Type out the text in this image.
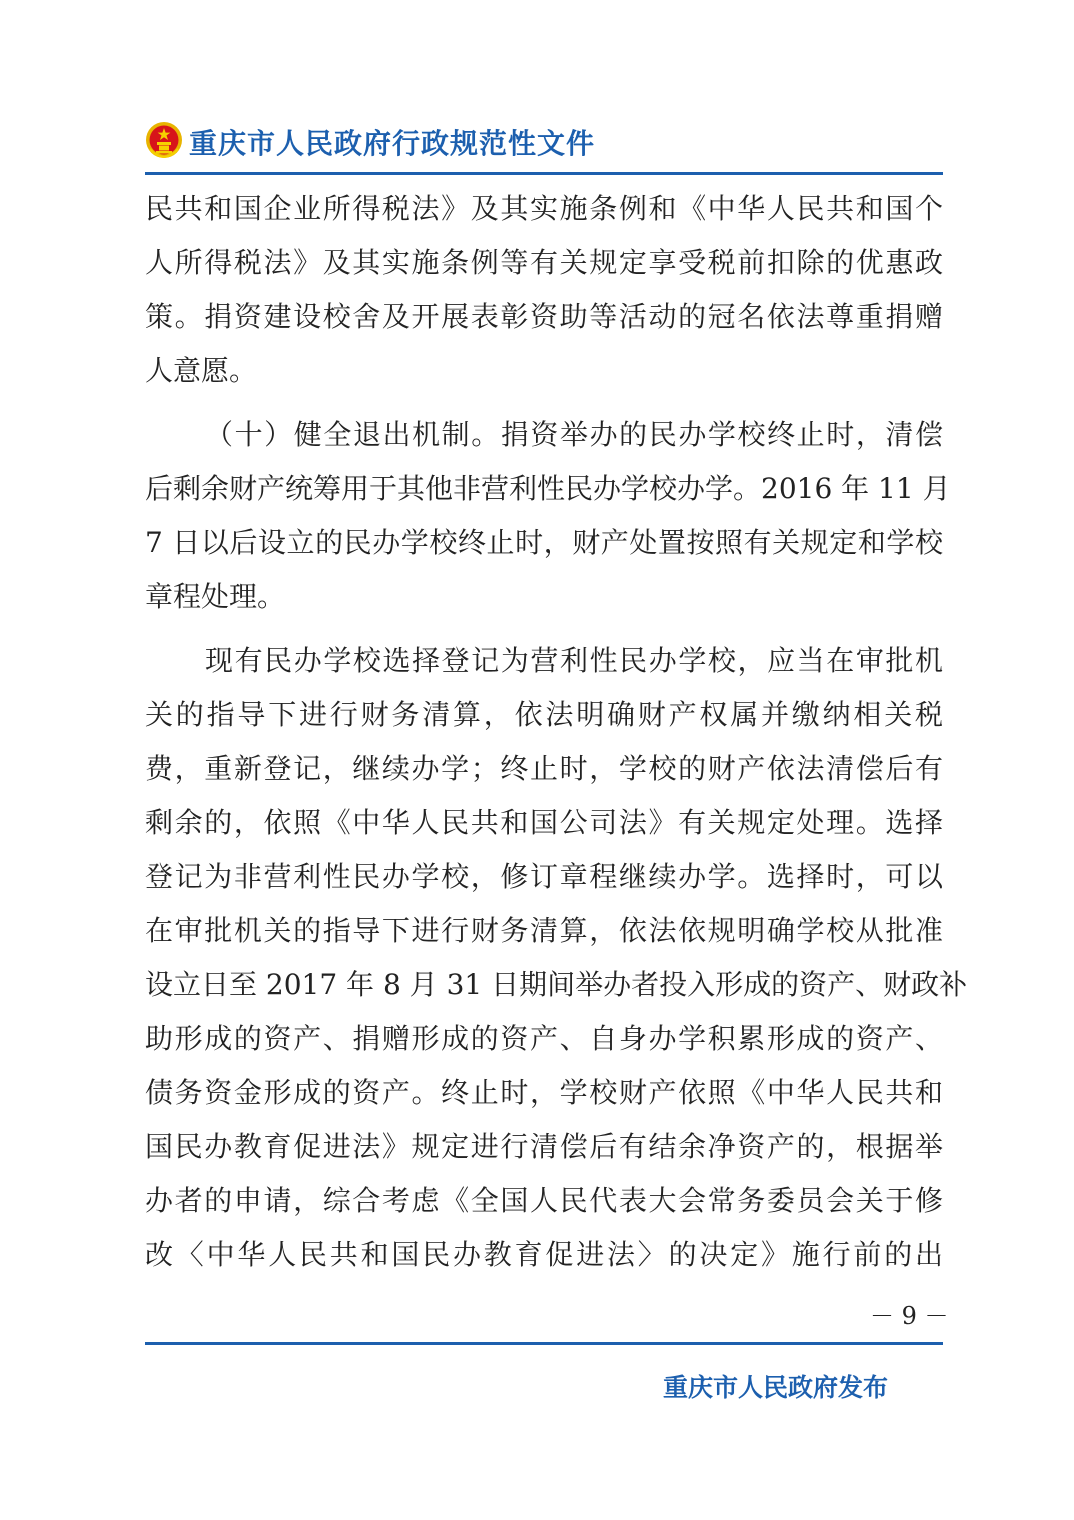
重庆市人民政府行政规范性文件
民共和国企业所得税法》及其实施条例和《中华人民共和国个
人所得税法》及其实施条例等有关规定享受税前扣除的优惠政
策。捐资建设校舍及开展表彰资助等活动的冠名依法尊重捐赠
人意愿。
（十）健全退出机制。捐资举办的民办学校终止时，清偿
后剩余财产统筹用于其他非营利性民办学校办学。2016 年 11 月
7 日以后设立的民办学校终止时，财产处置按照有关规定和学校
章程处理。
现有民办学校选择登记为营利性民办学校，应当在审批机
关的指导下进行财务清算，依法明确财产权属并缴纳相关税
费，重新登记，继续办学；终止时，学校的财产依法清偿后有
剩余的，依照《中华人民共和国公司法》有关规定处理。选择
登记为非营利性民办学校，修订章程继续办学。选择时，可以
在审批机关的指导下进行财务清算，依法依规明确学校从批准
设立日至 2017 年 8 月 31 日期间举办者投入形成的资产、财政补
助形成的资产、捐赠形成的资产、自身办学积累形成的资产、
债务资金形成的资产。终止时，学校财产依照《中华人民共和
国民办教育促进法》规定进行清偿后有结余净资产的，根据举
办者的申请，综合考虑《全国人民代表大会常务委员会关于修
改〈中华人民共和国民办教育促进法〉的决定》施行前的出
－ 9 －
重庆市人民政府发布
